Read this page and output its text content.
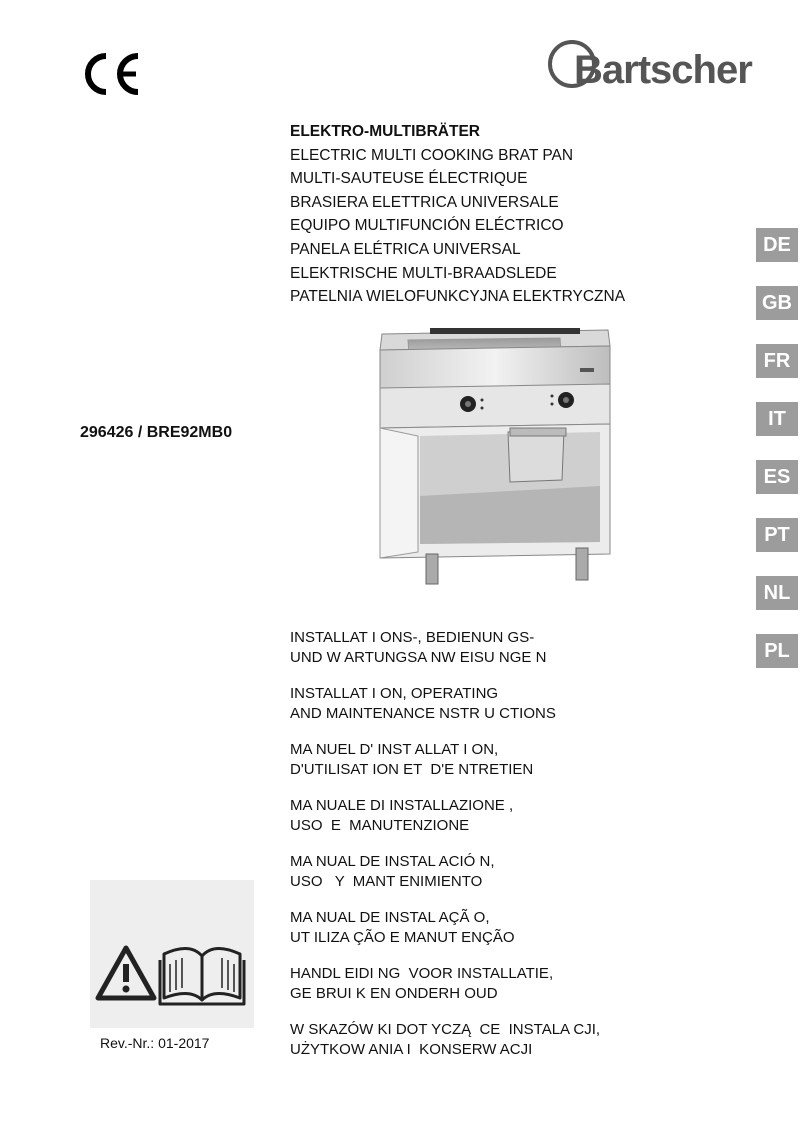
Bartscher
ELEKTRO-MULTIBRÄTER
ELECTRIC MULTI COOKING BRAT PAN
MULTI-SAUTEUSE ÉLECTRIQUE
BRASIERA ELETTRICA UNIVERSALE
EQUIPO MULTIFUNCIÓN ELÉCTRICO
PANELA ELÉTRICA UNIVERSAL
ELEKTRISCHE MULTI-BRAADSLEDE
PATELNIA WIELOFUNKCYJNA ELEKTRYCZNA
296426 / BRE92MB0
DE
GB
FR
IT
ES
PT
NL
PL
INSTALLAT I ONS-, BEDIENUN GS-
UND W ARTUNGSA NW EISU NGE N
INSTALLAT I ON, OPERATING
AND MAINTENANCE NSTR U CTIONS
MA NUEL D' INST ALLAT I ON,
D'UTILISAT ION ET  D'E NTRETIEN
MA NUALE DI INSTALLAZIONE ,
USO  E  MANUTENZIONE
MA NUAL DE INSTAL ACIÓ N,
USO   Y  MANT ENIMIENTO
MA NUAL DE INSTAL AÇÃ O,
UT ILIZA ÇÃO E MANUT ENÇÃO
HANDL EIDI NG  VOOR INSTALLATIE,
GE BRUI K EN ONDERH OUD
W SKAZÓW KI DOT YCZĄ  CE  INSTALA CJI,
UŻYTKOW ANIA I  KONSERW ACJI
Rev.-Nr.: 01-2017
